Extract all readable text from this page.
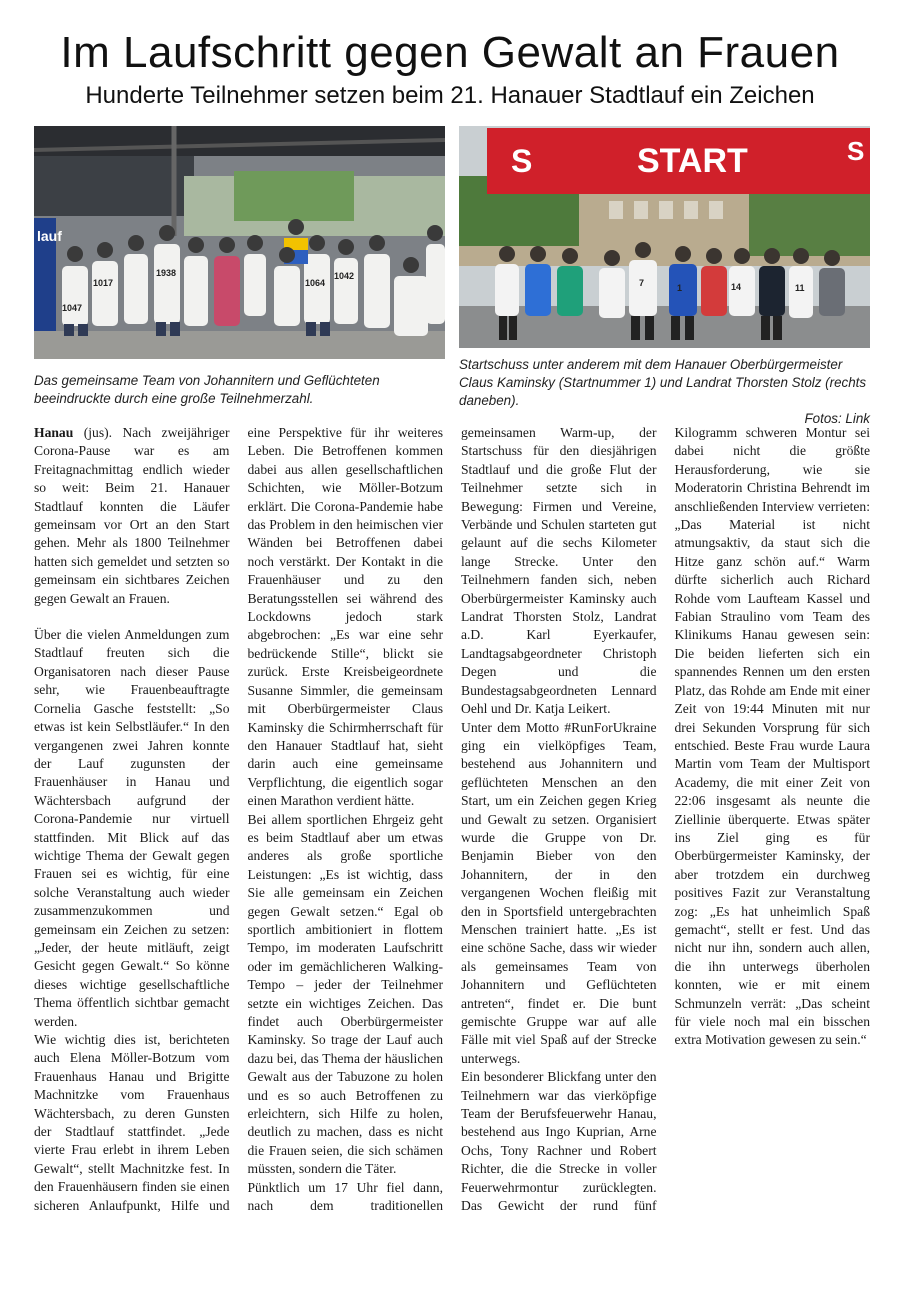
Im Laufschritt gegen Gewalt an Frauen
Hunderte Teilnehmer setzen beim 21. Hanauer Stadtlauf ein Zeichen
lauf
1938	1042
1064
1017
1047
S	START	S
1	14	11
7
Das gemeinsame Team von Johannitern und Geflüchteten beeindruckte durch eine große Teilnehmerzahl.
Startschuss unter anderem mit dem Hanauer Oberbürgermeister Claus Kaminsky (Startnummer 1) und Landrat Thorsten Stolz (rechts daneben).
Fotos: Link

Hanau (jus). Nach zweijähriger Corona-Pause war es am Freitagnachmittag endlich wieder so weit: Beim 21. Hanauer Stadtlauf konnten die Läufer gemeinsam vor Ort an den Start gehen. Mehr als 1800 Teilnehmer hatten sich gemeldet und setzten so gemeinsam ein sichtbares Zeichen gegen Gewalt an Frauen.

Über die vielen Anmeldungen zum Stadtlauf freuten sich die Organisatoren nach dieser Pause sehr, wie Frauenbeauftragte Cornelia Gasche feststellt: „So etwas ist kein Selbstläufer.“ In den vergangenen zwei Jahren konnte der Lauf zugunsten der Frauenhäuser in Hanau und Wächtersbach aufgrund der Corona-Pandemie nur virtuell stattfinden. Mit Blick auf das wichtige Thema der Gewalt gegen Frauen sei es wichtig, für eine solche Veranstaltung auch wieder zusammenzukommen und gemeinsam ein Zeichen zu setzen: „Jeder, der heute mitläuft, zeigt Gesicht gegen Gewalt.“ So könne dieses wichtige gesellschaftliche Thema öffentlich sichtbar gemacht werden.

Wie wichtig dies ist, berichteten auch Elena Möller-Botzum vom Frauenhaus Hanau und Brigitte Machnitzke vom Frauenhaus Wächtersbach, zu deren Gunsten der Stadtlauf stattfindet. „Jede vierte Frau erlebt in ihrem Leben Gewalt“, stellt Machnitzke fest. In den Frauenhäusern finden sie einen sicheren Anlaufpunkt, Hilfe und eine Perspektive für ihr weiteres Leben. Die Betroffenen kommen dabei aus allen gesellschaftlichen Schichten, wie Möller-Botzum erklärt. Die Corona-Pandemie habe das Problem in den heimischen vier Wänden bei Betroffenen dabei noch verstärkt. Der Kontakt in die Frauenhäuser und zu den Beratungsstellen sei während des Lockdowns jedoch stark abgebrochen: „Es war eine sehr bedrückende Stille“, blickt sie zurück. Erste Kreisbeigeordnete Susanne Simmler, die gemeinsam mit Oberbürgermeister Claus Kaminsky die Schirmherrschaft für den Hanauer Stadtlauf hat, sieht darin auch eine gemeinsame Verpflichtung, die eigentlich sogar einen Marathon verdient hätte.

Bei allem sportlichen Ehrgeiz geht es beim Stadtlauf aber um etwas anderes als große sportliche Leistungen: „Es ist wichtig, dass Sie alle gemeinsam ein Zeichen gegen Gewalt setzen.“ Egal ob sportlich ambitioniert in flottem Tempo, im moderaten Laufschritt oder im gemächlicheren Walking-Tempo – jeder der Teilnehmer setzte ein wichtiges Zeichen. Das findet auch Oberbürgermeister Kaminsky. So trage der Lauf auch dazu bei, das Thema der häuslichen Gewalt aus der Tabuzone zu holen und es so auch Betroffenen zu erleichtern, sich Hilfe zu holen, deutlich zu machen, dass es nicht die Frauen seien, die sich schämen müssten, sondern die Täter.

Pünktlich um 17 Uhr fiel dann, nach dem traditionellen gemeinsamen Warm-up, der Startschuss für den diesjährigen Stadtlauf und die große Flut der Teilnehmer setzte sich in Bewegung: Firmen und Vereine, Verbände und Schulen starteten gut gelaunt auf die sechs Kilometer lange Strecke. Unter den Teilnehmern fanden sich, neben Oberbürgermeister Kaminsky auch Landrat Thorsten Stolz, Landrat a.D. Karl Eyerkaufer, Landtagsabgeordneter Christoph Degen und die Bundestagsabgeordneten Lennard Oehl und Dr. Katja Leikert.

Unter dem Motto #RunForUkraine ging ein vielköpfiges Team, bestehend aus Johannitern und geflüchteten Menschen an den Start, um ein Zeichen gegen Krieg und Gewalt zu setzen. Organisiert wurde die Gruppe von Dr. Benjamin Bieber von den Johannitern, der in den vergangenen Wochen fleißig mit den in Sportsfield untergebrachten Menschen trainiert hatte. „Es ist eine schöne Sache, dass wir wieder als gemeinsames Team von Johannitern und Geflüchteten antreten“, findet er. Die bunt gemischte Gruppe war auf alle Fälle mit viel Spaß auf der Strecke unterwegs.

Ein besonderer Blickfang unter den Teilnehmern war das vierköpfige Team der Berufsfeuerwehr Hanau, bestehend aus Ingo Kuprian, Arne Ochs, Tony Rachner und Robert Richter, die die Strecke in voller Feuerwehrmontur zurücklegten. Das Gewicht der rund fünf Kilogramm schweren Montur sei dabei nicht die größte Herausforderung, wie sie Moderatorin Christina Behrendt im anschließenden Interview verrieten: „Das Material ist nicht atmungsaktiv, da staut sich die Hitze ganz schön auf.“ Warm dürfte sicherlich auch Richard Rohde vom Laufteam Kassel und Fabian Straulino vom Team des Klinikums Hanau gewesen sein: Die beiden lieferten sich ein spannendes Rennen um den ersten Platz, das Rohde am Ende mit einer Zeit von 19:44 Minuten mit nur drei Sekunden Vorsprung für sich entschied. Beste Frau wurde Laura Martin vom Team der Multisport Academy, die mit einer Zeit von 22:06 insgesamt als neunte die Ziellinie überquerte. Etwas später ins Ziel ging es für Oberbürgermeister Kaminsky, der aber trotzdem ein durchweg positives Fazit zur Veranstaltung zog: „Es hat unheimlich Spaß gemacht“, stellt er fest. Und das nicht nur ihn, sondern auch allen, die ihn unterwegs überholen konnten, wie er mit einem Schmunzeln verrät: „Das scheint für viele noch mal ein bisschen extra Motivation gewesen zu sein.“
